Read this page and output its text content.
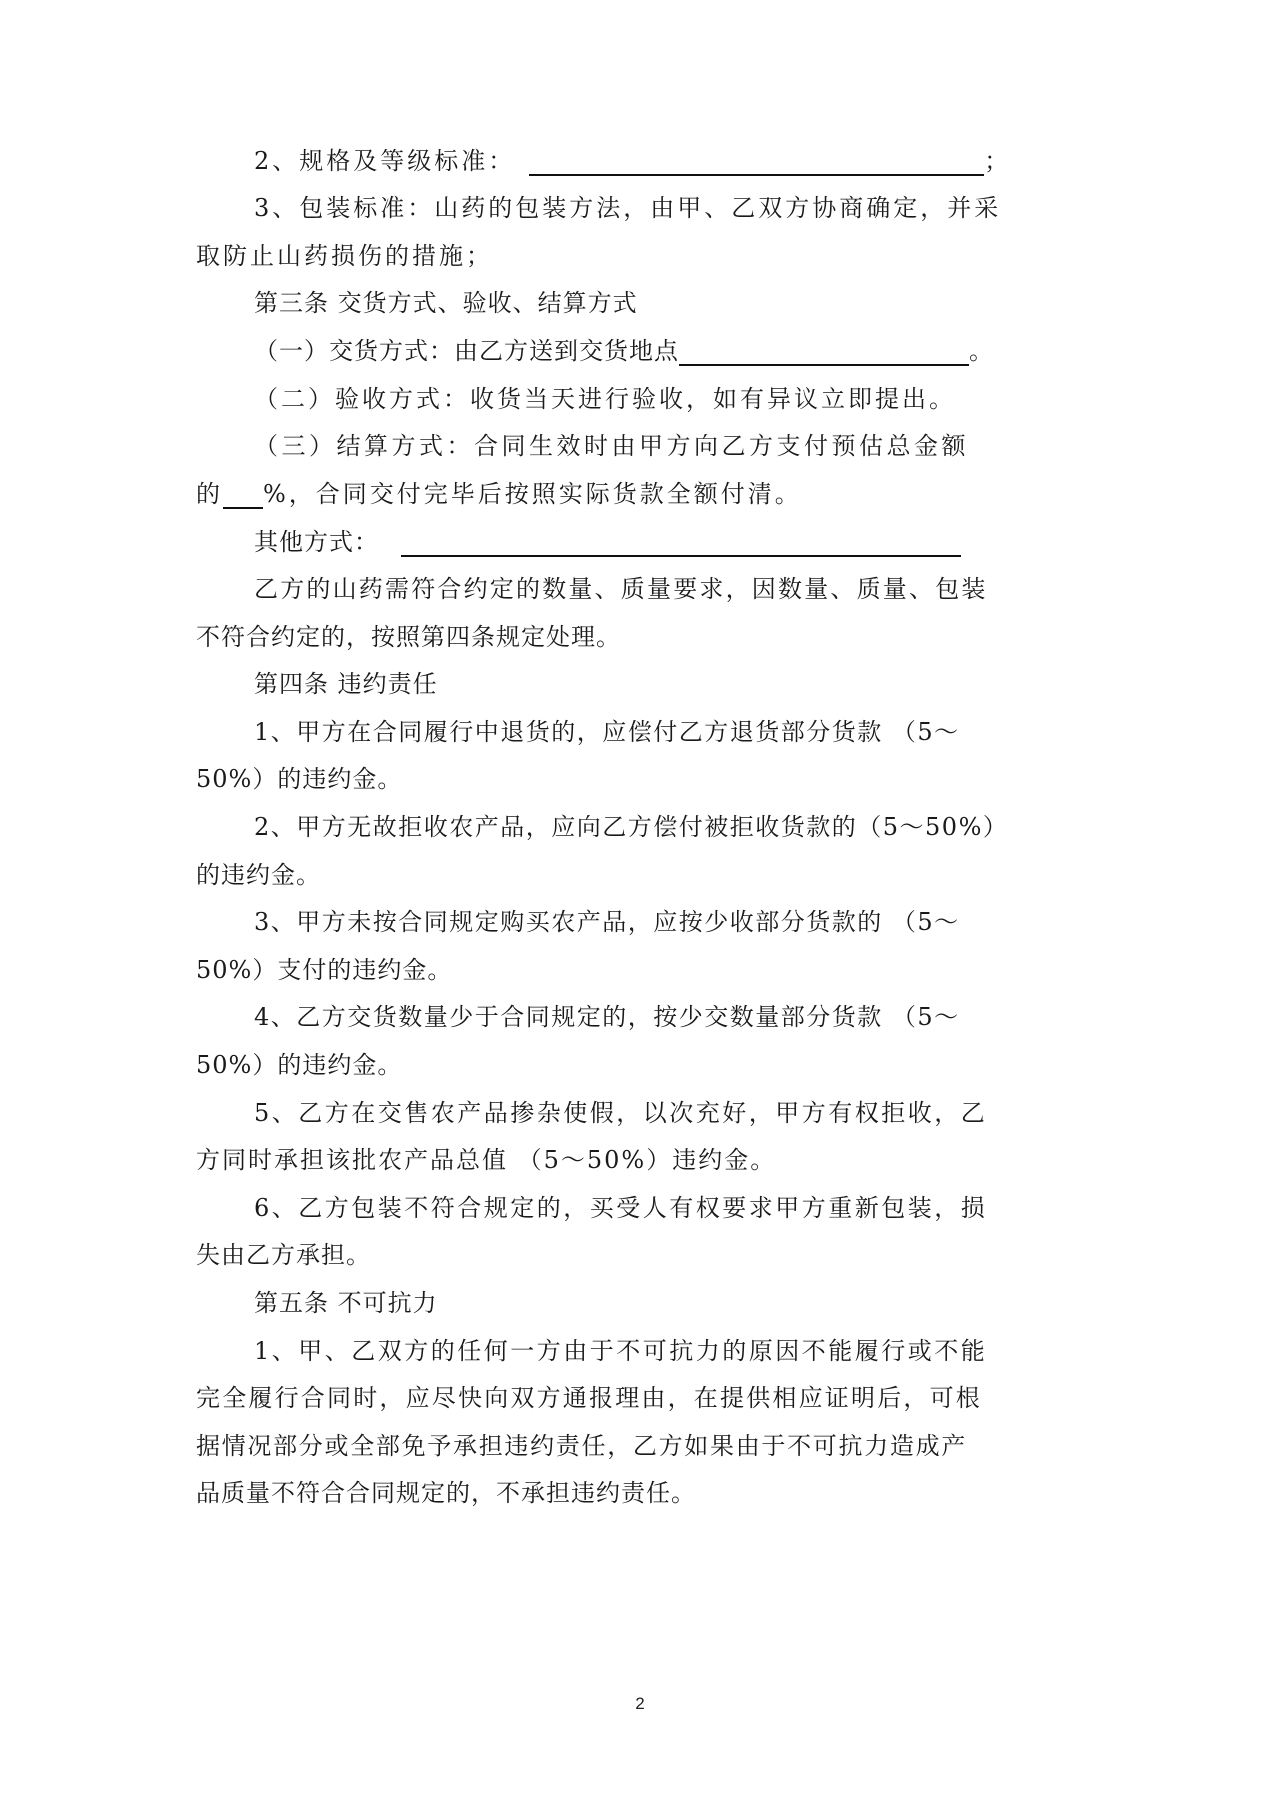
2、规格及等级标准：	；
3、包装标准：山药的包装方法，由甲、乙双方协商确定，并采
取防止山药损伤的措施；
第三条 交货方式、验收、结算方式
（一）交货方式：由乙方送到交货地点	。
（二）验收方式：收货当天进行验收，如有异议立即提出。
（三）结算方式：合同生效时由甲方向乙方支付预估总金额
的 %，合同交付完毕后按照实际货款全额付清。
其他方式：
乙方的山药需符合约定的数量、质量要求，因数量、质量、包装
不符合约定的，按照第四条规定处理。
第四条 违约责任
1、甲方在合同履行中退货的，应偿付乙方退货部分货款 （5～
50%）的违约金。
2、甲方无故拒收农产品，应向乙方偿付被拒收货款的（5～50%）
的违约金。
3、甲方未按合同规定购买农产品，应按少收部分货款的 （5～
50%）支付的违约金。
4、乙方交货数量少于合同规定的，按少交数量部分货款 （5～
50%）的违约金。
5、乙方在交售农产品掺杂使假，以次充好，甲方有权拒收，乙
方同时承担该批农产品总值 （5～50%）违约金。
6、乙方包装不符合规定的，买受人有权要求甲方重新包装，损
失由乙方承担。
第五条 不可抗力
1、甲、乙双方的任何一方由于不可抗力的原因不能履行或不能
完全履行合同时，应尽快向双方通报理由，在提供相应证明后，可根
据情况部分或全部免予承担违约责任，乙方如果由于不可抗力造成产
品质量不符合合同规定的，不承担违约责任。
2
